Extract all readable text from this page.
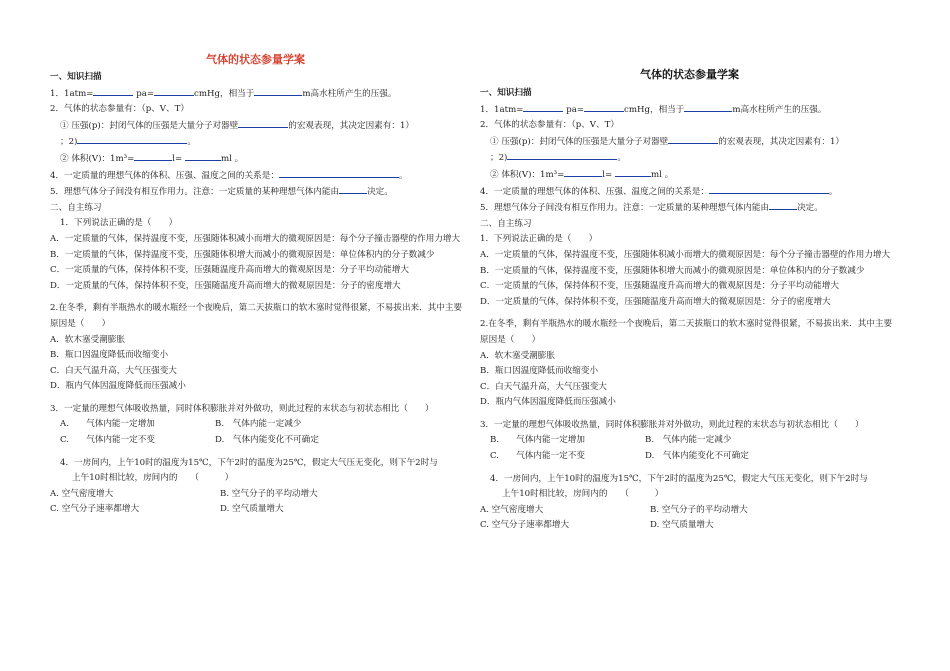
气体的状态参量学案
一、知识扫描
1．1atm=	pa=	cmHg，相当于	m高水柱所产生的压强。
2．气体的状态参量有：（p、V、T）
① 压强(p)：封闭气体的压强是大量分子对器壁	的宏观表现，其决定因素有：1）
；2)	。
② 体积(V)：1m³=	l=	ml 。
4．一定质量的理想气体的体积、压强、温度之间的关系是：	。
5．理想气体分子间没有相互作用力。注意：一定质量的某种理想气体内能由	决定。
二、自主练习
1．下列说法正确的是（　　）
A．一定质量的气体，保持温度不变，压强随体积减小而增大的微观原因是：每个分子撞击器壁的作用力增大
B．一定质量的气体，保持温度不变，压强随体积增大而减小的微观原因是：单位体积内的分子数减少
C．一定质量的气体，保持体积不变，压强随温度升高而增大的微观原因是：分子平均动能增大
D．一定质量的气体，保持体积不变，压强随温度升高而增大的微观原因是：分子的密度增大
2.在冬季，剩有半瓶热水的暖水瓶经一个夜晚后，第二天拔瓶口的软木塞时觉得很紧，不易拔出来．其中主要原因是（　　）
A．软木塞受潮膨胀
B．瓶口因温度降低而收缩变小
C．白天气温升高，大气压强变大
D．瓶内气体因温度降低而压强减小
3．一定量的理想气体吸收热量，同时体积膨胀并对外做功，则此过程的末状态与初状态相比（　　）
A.　　气体内能一定增加	B.　气体内能一定减少
C.　　气体内能一定不变	D.　气体内能变化不可确定
4．一房间内，上午10时的温度为15℃，下午2时的温度为25℃，假定大气压无变化，则下午2时与
上午10时相比较，房间内的　　（　　　）
A. 空气密度增大	B. 空气分子的平均动增大
C. 空气分子速率都增大	D. 空气质量增大
气体的状态参量学案
一、知识扫描
1．1atm=	pa=	cmHg，相当于	m高水柱所产生的压强。
2．气体的状态参量有：（p、V、T）
① 压强(p)：封闭气体的压强是大量分子对器壁	的宏观表现，其决定因素有：1）
；2)	。
② 体积(V)：1m³=	l=	ml 。
4．一定质量的理想气体的体积、压强、温度之间的关系是：	。
5．理想气体分子间没有相互作用力。注意：一定质量的某种理想气体内能由	决定。
二、自主练习
1．下列说法正确的是（　　）
A．一定质量的气体，保持温度不变，压强随体积减小而增大的微观原因是：每个分子撞击器壁的作用力增大
B．一定质量的气体，保持温度不变，压强随体积增大而减小的微观原因是：单位体积内的分子数减少
C．一定质量的气体，保持体积不变，压强随温度升高而增大的微观原因是：分子平均动能增大
D．一定质量的气体，保持体积不变，压强随温度升高而增大的微观原因是：分子的密度增大
2.在冬季，剩有半瓶热水的暖水瓶经一个夜晚后，第二天拔瓶口的软木塞时觉得很紧，不易拔出来．其中主要原因是（　　）
A．软木塞受潮膨胀
B．瓶口因温度降低而收缩变小
C．白天气温升高，大气压强变大
D．瓶内气体因温度降低而压强减小
3．一定量的理想气体吸收热量，同时体积膨胀并对外做功，则此过程的末状态与初状态相比（　　）
B.　　气体内能一定增加	B.　气体内能一定减少
C.　　气体内能一定不变	D.　气体内能变化不可确定
4．一房间内，上午10时的温度为15℃，下午2时的温度为25℃，假定大气压无变化，则下午2时与
上午10时相比较，房间内的　　（　　　）
A. 空气密度增大	B. 空气分子的平均动增大
C. 空气分子速率都增大	D. 空气质量增大
